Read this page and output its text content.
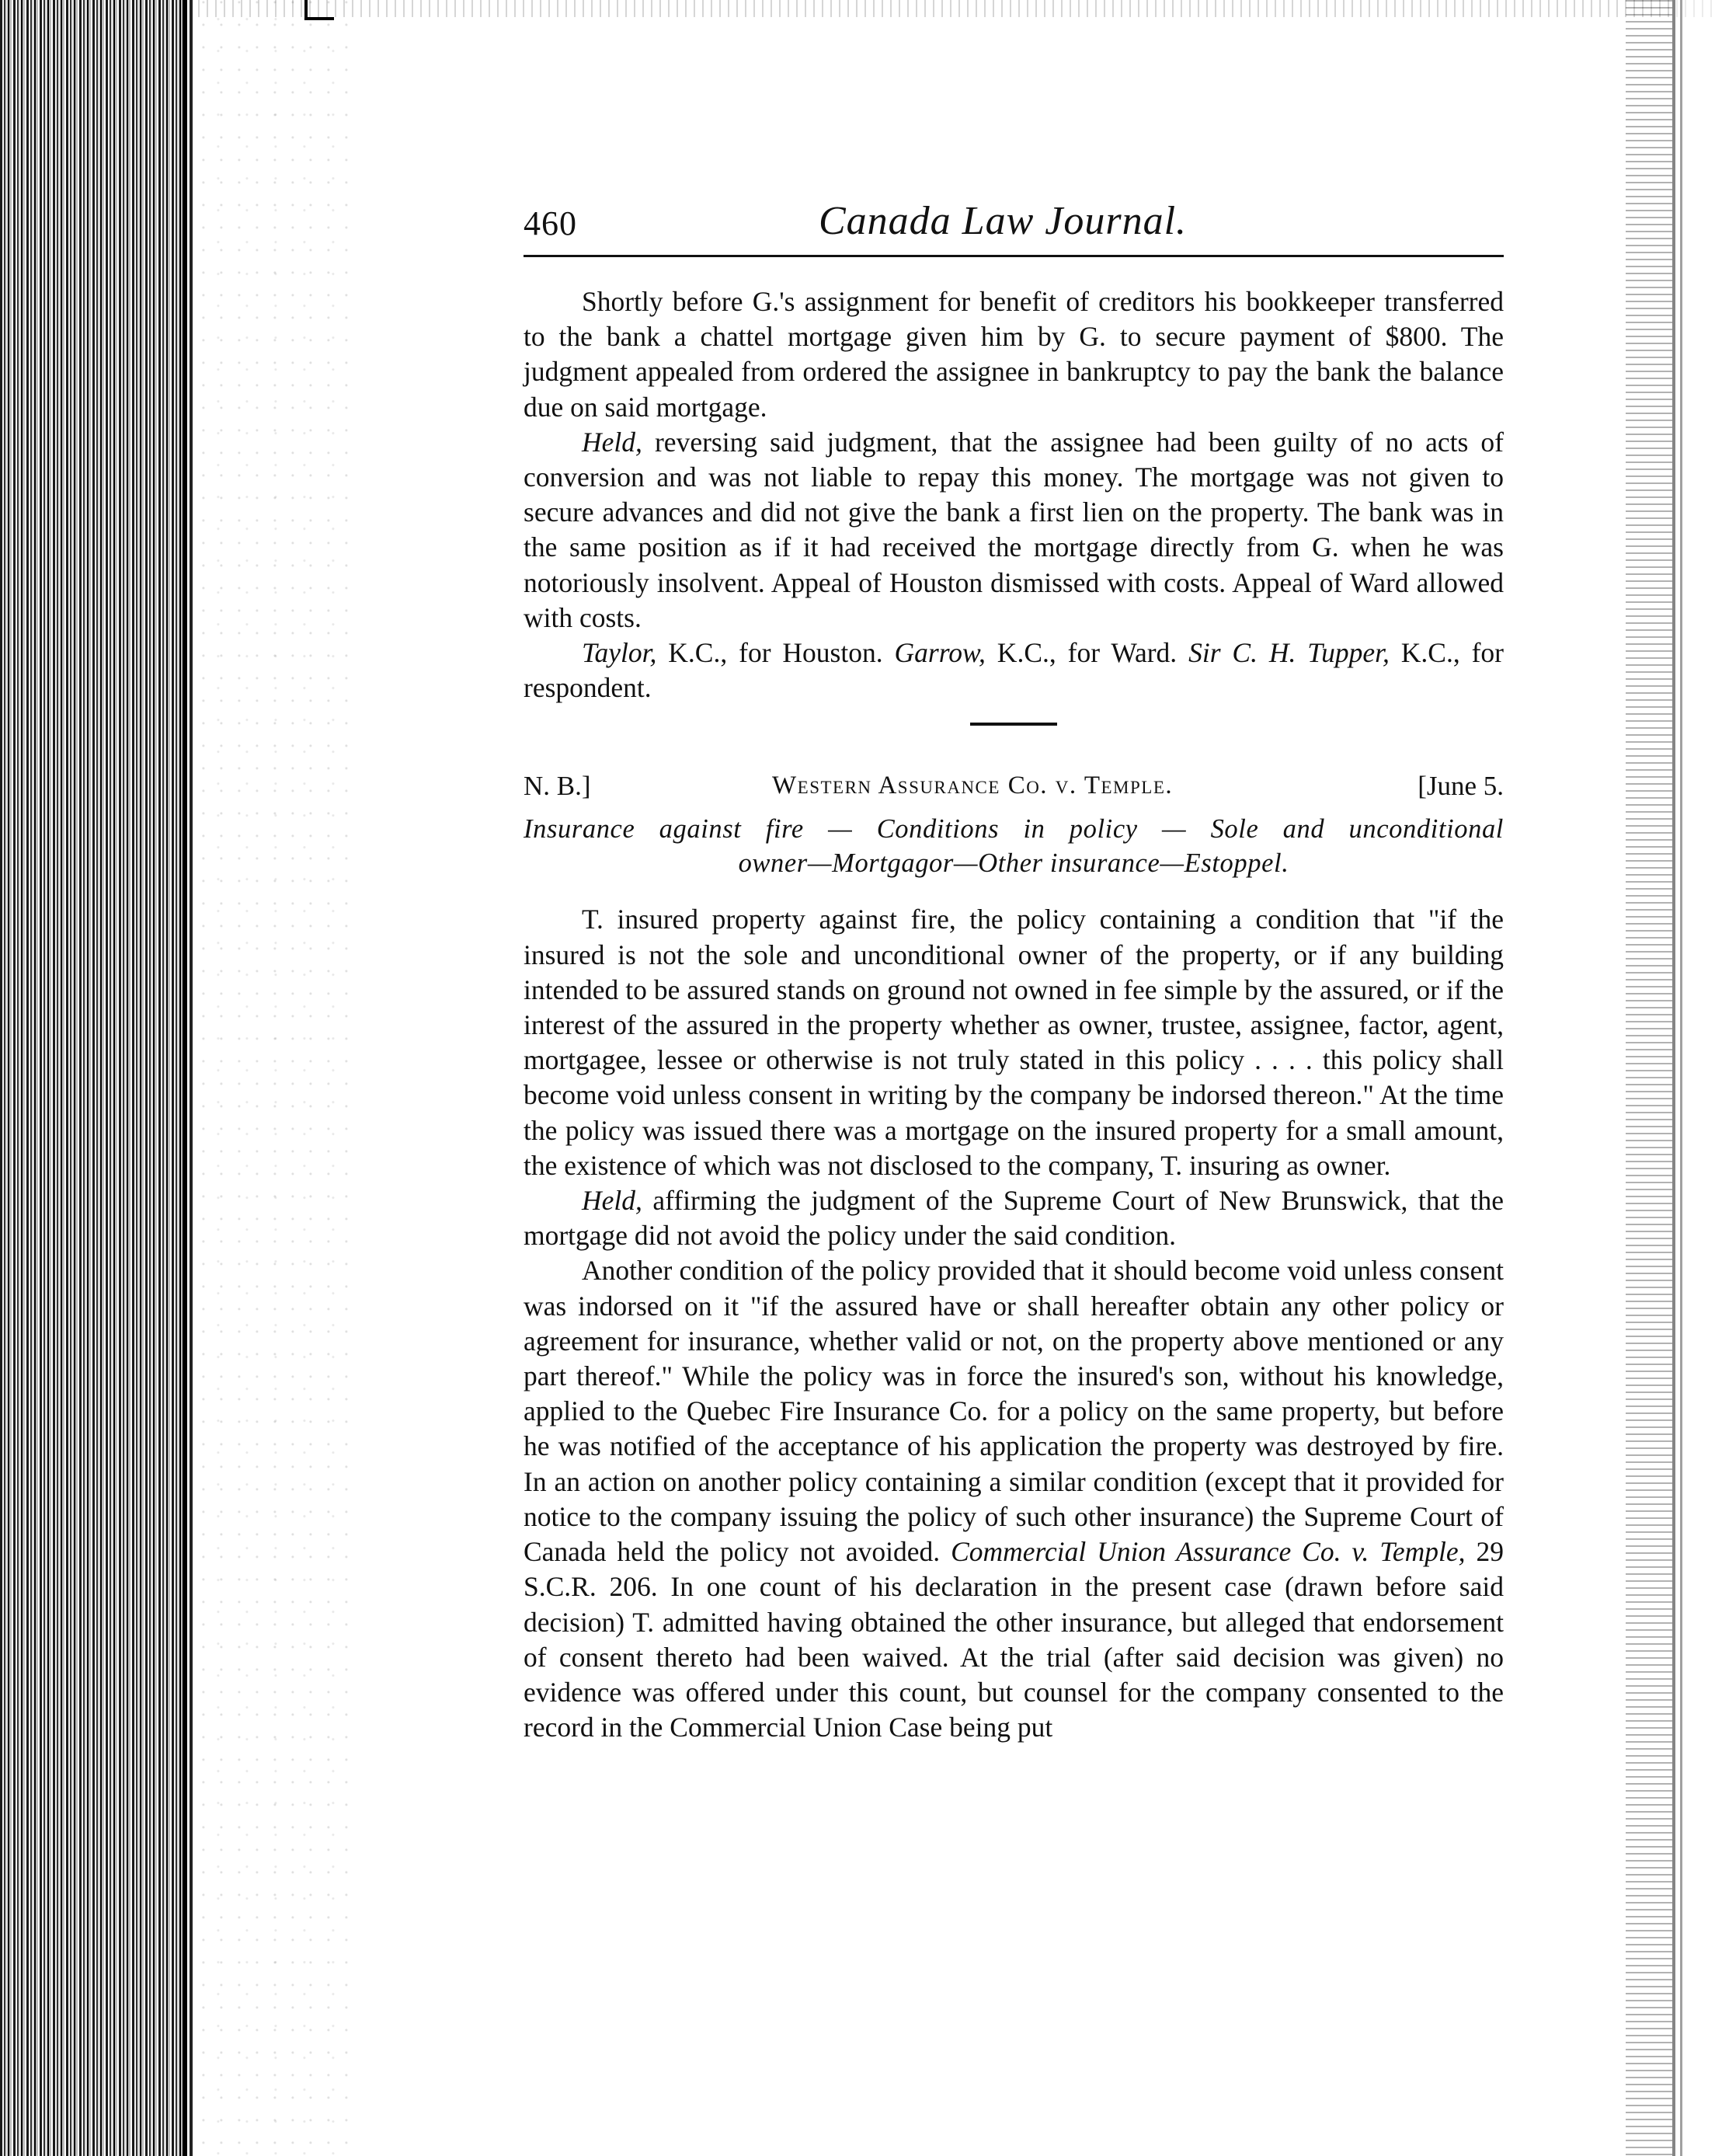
460	Canada Law Journal.

Shortly before G.'s assignment for benefit of creditors his bookkeeper transferred to the bank a chattel mortgage given him by G. to secure payment of $800. The judgment appealed from ordered the assignee in bankruptcy to pay the bank the balance due on said mortgage.

Held, reversing said judgment, that the assignee had been guilty of no acts of conversion and was not liable to repay this money. The mortgage was not given to secure advances and did not give the bank a first lien on the property. The bank was in the same position as if it had received the mortgage directly from G. when he was notoriously insolvent. Appeal of Houston dismissed with costs. Appeal of Ward allowed with costs.

Taylor, K.C., for Houston. Garrow, K.C., for Ward. Sir C. H. Tupper, K.C., for respondent.

N. B.]	Western Assurance Co. v. Temple.	[June 5.
Insurance against fire — Conditions in policy — Sole and unconditional
owner—Mortgagor—Other insurance—Estoppel.

T. insured property against fire, the policy containing a condition that "if the insured is not the sole and unconditional owner of the property, or if any building intended to be assured stands on ground not owned in fee simple by the assured, or if the interest of the assured in the property whether as owner, trustee, assignee, factor, agent, mortgagee, lessee or otherwise is not truly stated in this policy . . . . this policy shall become void unless consent in writing by the company be indorsed thereon." At the time the policy was issued there was a mortgage on the insured property for a small amount, the existence of which was not disclosed to the company, T. insuring as owner.

Held, affirming the judgment of the Supreme Court of New Brunswick, that the mortgage did not avoid the policy under the said condition.

Another condition of the policy provided that it should become void unless consent was indorsed on it "if the assured have or shall hereafter obtain any other policy or agreement for insurance, whether valid or not, on the property above mentioned or any part thereof." While the policy was in force the insured's son, without his knowledge, applied to the Quebec Fire Insurance Co. for a policy on the same property, but before he was notified of the acceptance of his application the property was destroyed by fire. In an action on another policy containing a similar condition (except that it provided for notice to the company issuing the policy of such other insurance) the Supreme Court of Canada held the policy not avoided. Commercial Union Assurance Co. v. Temple, 29 S.C.R. 206. In one count of his declaration in the present case (drawn before said decision) T. admitted having obtained the other insurance, but alleged that endorsement of consent thereto had been waived. At the trial (after said decision was given) no evidence was offered under this count, but counsel for the company consented to the record in the Commercial Union Case being put
